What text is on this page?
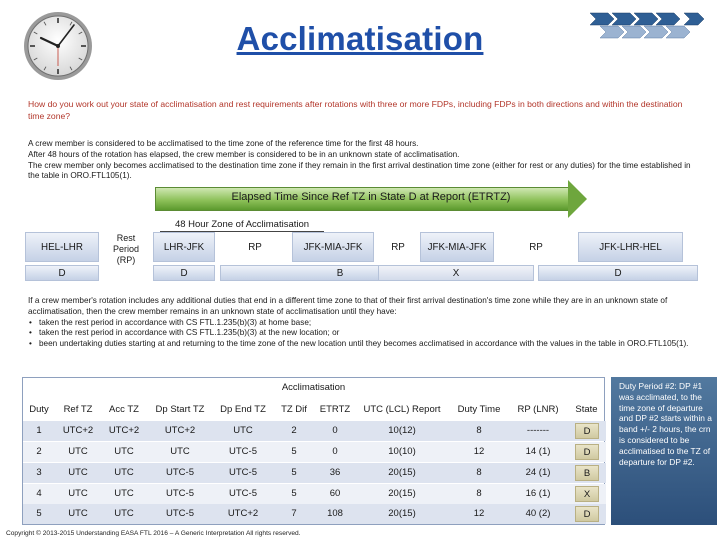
Acclimatisation
How do you work out your state of acclimatisation and rest requirements after rotations with three or more FDPs, including FDPs in both directions and within the destination time zone?
A crew member is considered to be acclimatised to the time zone of the reference time for the first 48 hours.
After 48 hours of the rotation has elapsed, the crew member is considered to be in an unknown state of acclimatisation.
The crew member only becomes acclimatised to the destination time zone if they remain in the first arrival destination time zone (either for rest or any duties) for the time established in the table in ORO.FTL105(1).
Elapsed Time Since Ref TZ in State D at Report (ETRTZ)
48 Hour Zone of Acclimatisation
HEL-LHR
Rest Period (RP)
LHR-JFK	RP	JFK-MIA-JFK	RP	JFK-MIA-JFK	RP	JFK-LHR-HEL
D	D	B	X	D
If a crew member's rotation includes any additional duties that end in a different time zone to that of their first arrival destination's time zone while they are in an unknown state of acclimatisation, then the crew member remains in an unknown state of acclimatisation until they have:
• taken the rest period in accordance with CS FTL.1.235(b)(3) at home base;
• taken the rest period in accordance with CS FTL.1.235(b)(3) at the new location; or
• been undertaking duties starting at and returning to the time zone of the new location until they becomes acclimatised in accordance with the values in the table in ORO.FTL105(1).
Acclimatisation
Duty	Ref TZ	Acc TZ	Dp Start TZ	Dp End TZ	TZ Dif	ETRTZ	UTC (LCL) Report	Duty Time	RP (LNR)	State
1	UTC+2	UTC+2	UTC+2	UTC	2	0	10(12)	8	-------	D
2	UTC	UTC	UTC	UTC-5	5	0	10(10)	12	14 (1)	D
3	UTC	UTC	UTC-5	UTC-5	5	36	20(15)	8	24 (1)	B
4	UTC	UTC	UTC-5	UTC-5	5	60	20(15)	8	16 (1)	X
5	UTC	UTC	UTC-5	UTC+2	7	108	20(15)	12	40 (2)	D
Duty Period #2: DP #1 was acclimated, to the time zone of departure and DP #2 starts within a band +/- 2 hours, the crn is considered to be acclimatised to the TZ of departure for DP #2.
Copyright © 2013-2015 Understanding EASA FTL 2016 – A Generic Interpretation All rights reserved.
